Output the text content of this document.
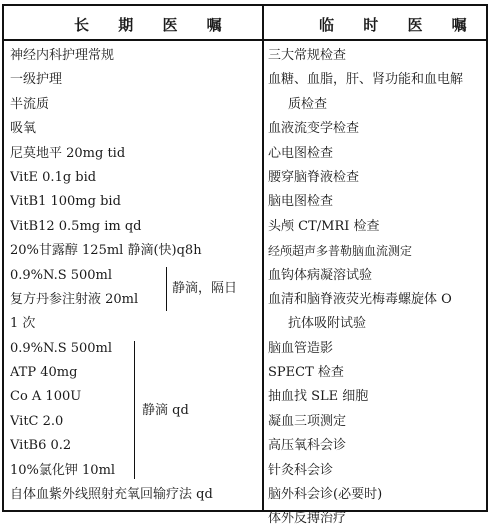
长 期 医 嘱	临 时 医 嘱
神经内科护理常规
一级护理
半流质
吸氧
尼莫地平 20mg tid
VitE 0.1g bid
VitB1 100mg bid
VitB12 0.5mg im qd
20%甘露醇 125ml 静滴(快)q8h
0.9%N.S 500ml
复方丹参注射液 20ml
静滴，隔日
1 次
0.9%N.S 500ml
ATP 40mg
Co A 100U
VitC 2.0
VitB6 0.2
10%氯化钾 10ml
静滴 qd
自体血紫外线照射充氧回输疗法 qd
三大常规检查
血糖、血脂，肝、肾功能和血电解
质检查
血液流变学检查
心电图检查
腰穿脑脊液检查
脑电图检查
头颅 CT/MRI 检查
经颅超声多普勒脑血流测定
血钩体病凝溶试验
血清和脑脊液荧光梅毒螺旋体 O
抗体吸附试验
脑血管造影
SPECT 检查
抽血找 SLE 细胞
凝血三项测定
高压氧科会诊
针灸科会诊
脑外科会诊(必要时)
体外反搏治疗
